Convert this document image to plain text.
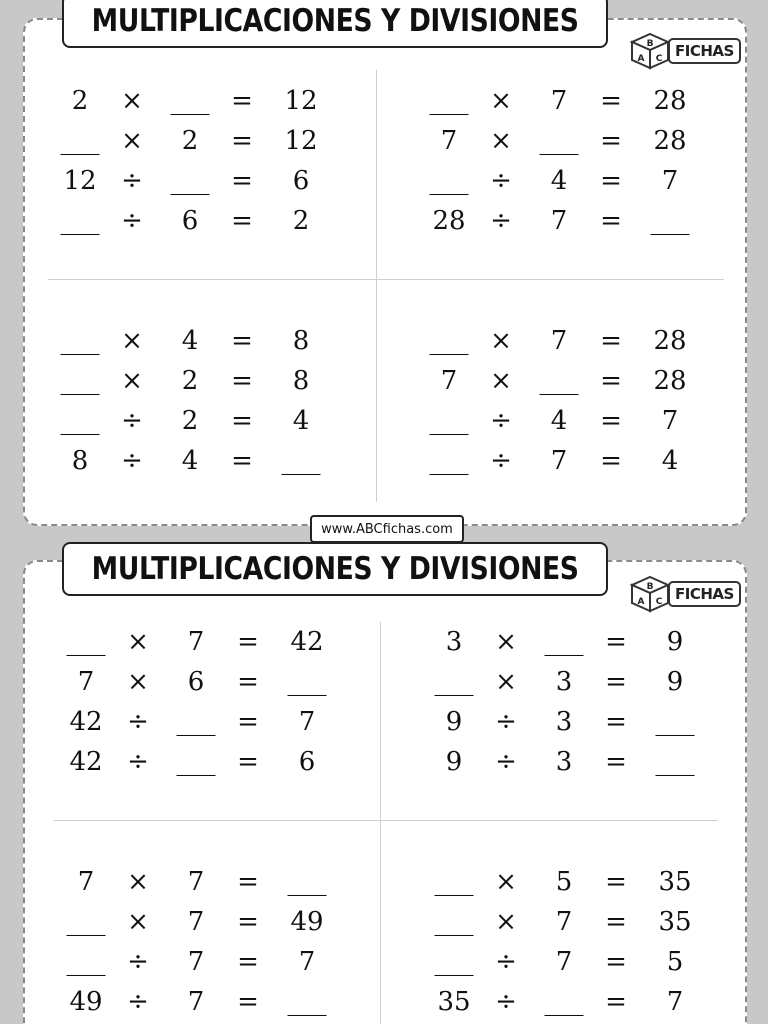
MULTIPLICACIONES Y DIVISIONES
B
A C FICHAS
2	×	___ =	12
___ ×	2	=	12
12 ÷	___ =	6
___ ÷	6	=	2
___ ×	7	=	28
7	×	___ =	28
___ ÷	4	=	7
28 ÷	7	=	___
___ ×	4	=	8
___ ×	2	=	8
___ ÷	2	=	4
8	÷	4	=	___
___ ×	7	=	28
7	×	___ =	28
___ ÷	4	=	7
___ ÷	7	=	4
www.ABCfichas.com
MULTIPLICACIONES Y DIVISIONES	B
A C FICHAS
___ ×	7	=	42
7	×	6	=	___
42 ÷	___ =	7
42 ÷	___ =	6
3	×	___ =	9
___ ×	3	=	9
9	÷	3	=	___
9	÷	3	=	___
7	×	7	=	___
___ ×	7	=	49
___ ÷	7	=	7
49 ÷	7	=	___
___ ×	5	=	35
___ ×	7	=	35
___ ÷	7	=	5
35 ÷	___ =	7
